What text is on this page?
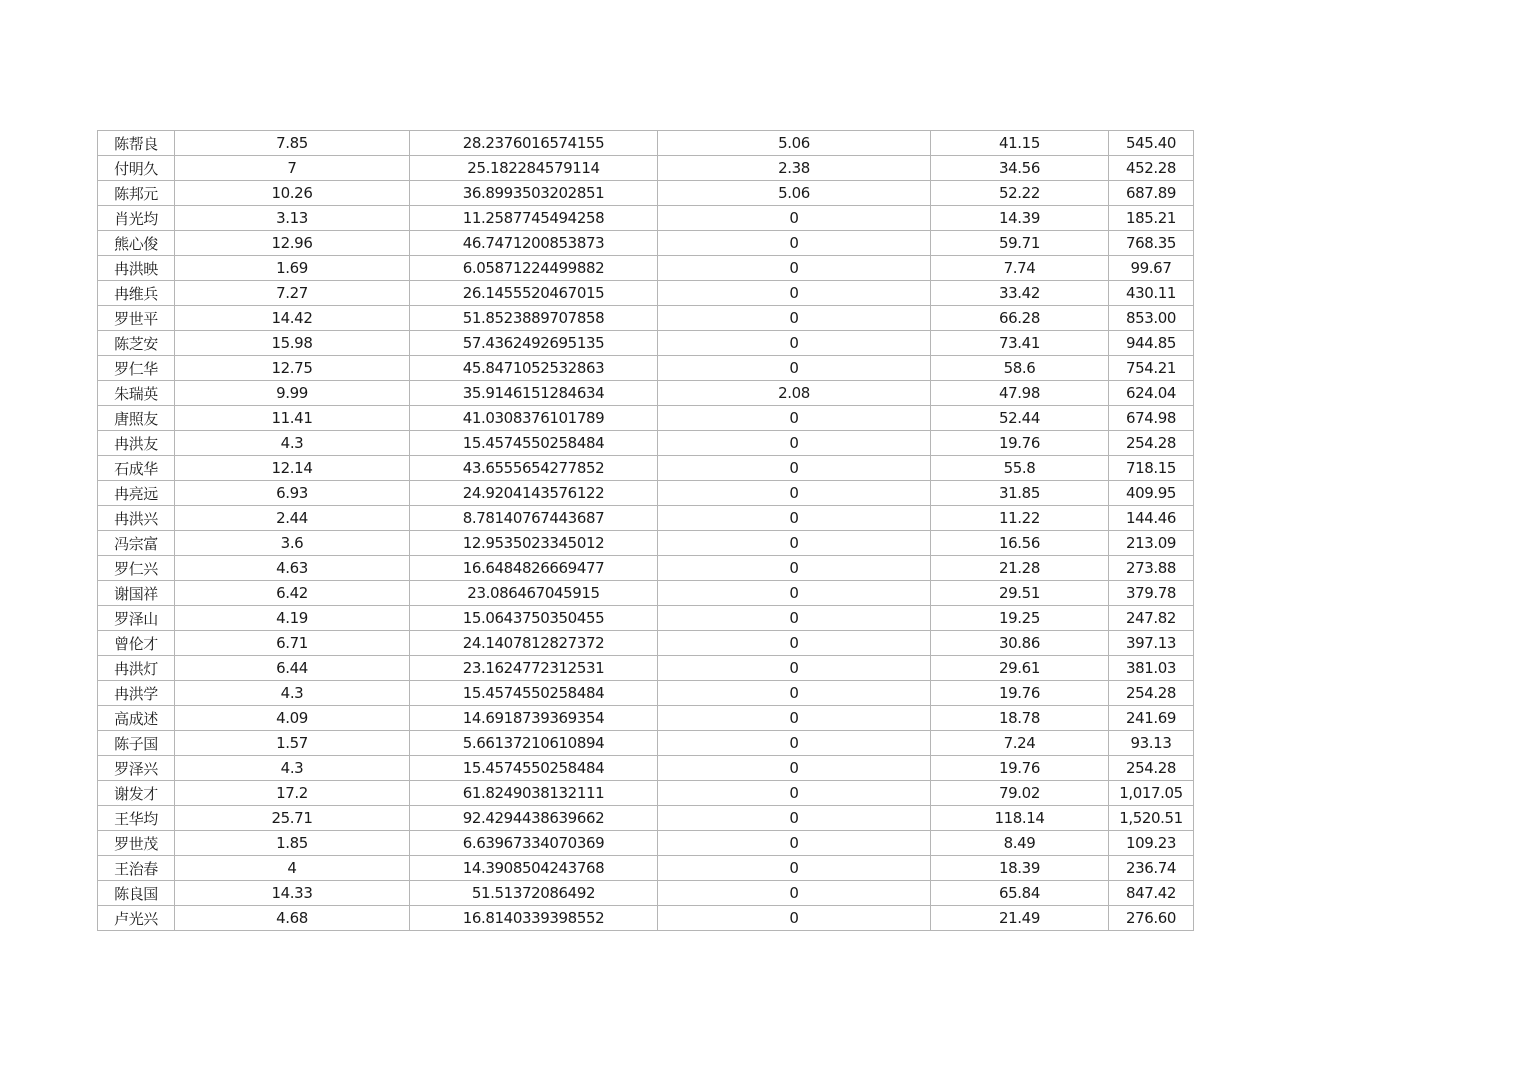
陈帮良	7.85	28.2376016574155	5.06	41.15	545.40
付明久	7	25.182284579114	2.38	34.56	452.28
陈邦元	10.26	36.8993503202851	5.06	52.22	687.89
肖光均	3.13	11.2587745494258	0	14.39	185.21
熊心俊	12.96	46.7471200853873	0	59.71	768.35
冉洪映	1.69	6.05871224499882	0	7.74	99.67
冉维兵	7.27	26.1455520467015	0	33.42	430.11
罗世平	14.42	51.8523889707858	0	66.28	853.00
陈芝安	15.98	57.4362492695135	0	73.41	944.85
罗仁华	12.75	45.8471052532863	0	58.6	754.21
朱瑞英	9.99	35.9146151284634	2.08	47.98	624.04
唐照友	11.41	41.0308376101789	0	52.44	674.98
冉洪友	4.3	15.4574550258484	0	19.76	254.28
石成华	12.14	43.6555654277852	0	55.8	718.15
冉亮远	6.93	24.9204143576122	0	31.85	409.95
冉洪兴	2.44	8.78140767443687	0	11.22	144.46
冯宗富	3.6	12.9535023345012	0	16.56	213.09
罗仁兴	4.63	16.6484826669477	0	21.28	273.88
谢国祥	6.42	23.086467045915	0	29.51	379.78
罗泽山	4.19	15.0643750350455	0	19.25	247.82
曾伦才	6.71	24.1407812827372	0	30.86	397.13
冉洪灯	6.44	23.1624772312531	0	29.61	381.03
冉洪学	4.3	15.4574550258484	0	19.76	254.28
高成述	4.09	14.6918739369354	0	18.78	241.69
陈子国	1.57	5.66137210610894	0	7.24	93.13
罗泽兴	4.3	15.4574550258484	0	19.76	254.28
谢发才	17.2	61.8249038132111	0	79.02	1,017.05
王华均	25.71	92.4294438639662	0	118.14	1,520.51
罗世茂	1.85	6.63967334070369	0	8.49	109.23
王治春	4	14.3908504243768	0	18.39	236.74
陈良国	14.33	51.51372086492	0	65.84	847.42
卢光兴	4.68	16.8140339398552	0	21.49	276.60
